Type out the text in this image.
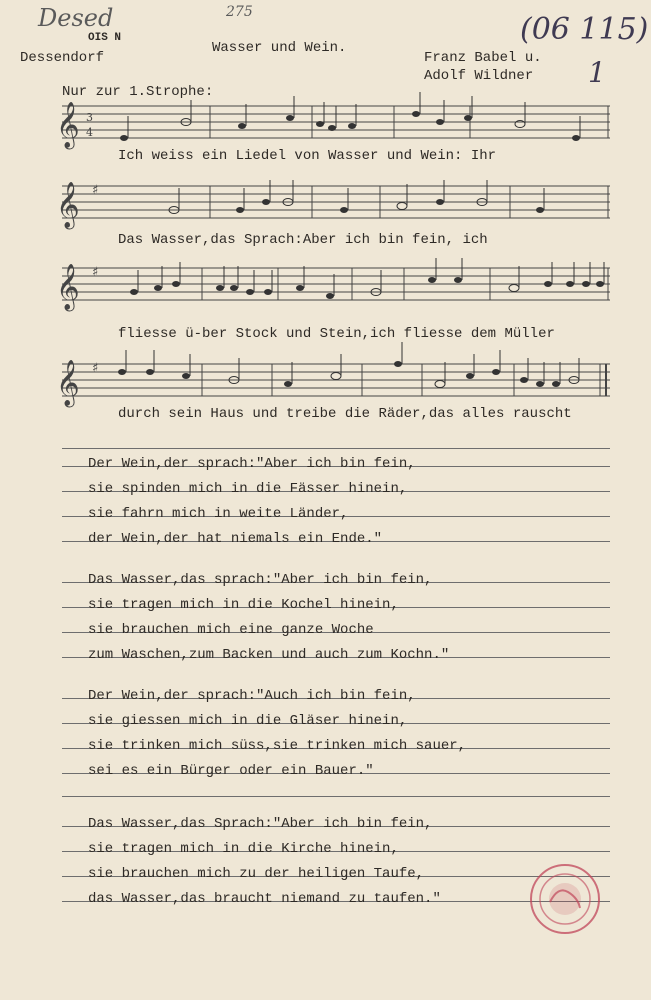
Desed	275	(06 115)
1
OIS N
Dessendorf
Wasser und Wein.
Franz Babel u.
Adolf Wildner
Nur zur 1.Strophe:
𝄞 3
4
Ich weiss ein Liedel von Wasser und Wein: Ihr
𝄞 ♯
Das Wasser,das Sprach:Aber ich bin fein, ich
𝄞 ♯
fliesse ü-ber Stock und Stein,ich fliesse dem Müller
𝄞 ♯
durch sein Haus und treibe die Räder,das alles rauscht
Der Wein,der sprach:"Aber ich bin fein,
sie spinden mich in die Fässer hinein,
sie fahrn mich in weite Länder,
der Wein,der hat niemals ein Ende."
Das Wasser,das sprach:"Aber ich bin fein,
sie tragen mich in die Kochel hinein,
sie brauchen mich eine ganze Woche
zum Waschen,zum Backen und auch zum Kochn."
Der Wein,der sprach:"Auch ich bin fein,
sie giessen mich in die Gläser hinein,
sie trinken mich süss,sie trinken mich sauer,
sei es ein Bürger oder ein Bauer."
Das Wasser,das Sprach:"Aber ich bin fein,
sie tragen mich in die Kirche hinein,
sie brauchen mich zu der heiligen Taufe,
das Wasser,das braucht niemand zu taufen."
